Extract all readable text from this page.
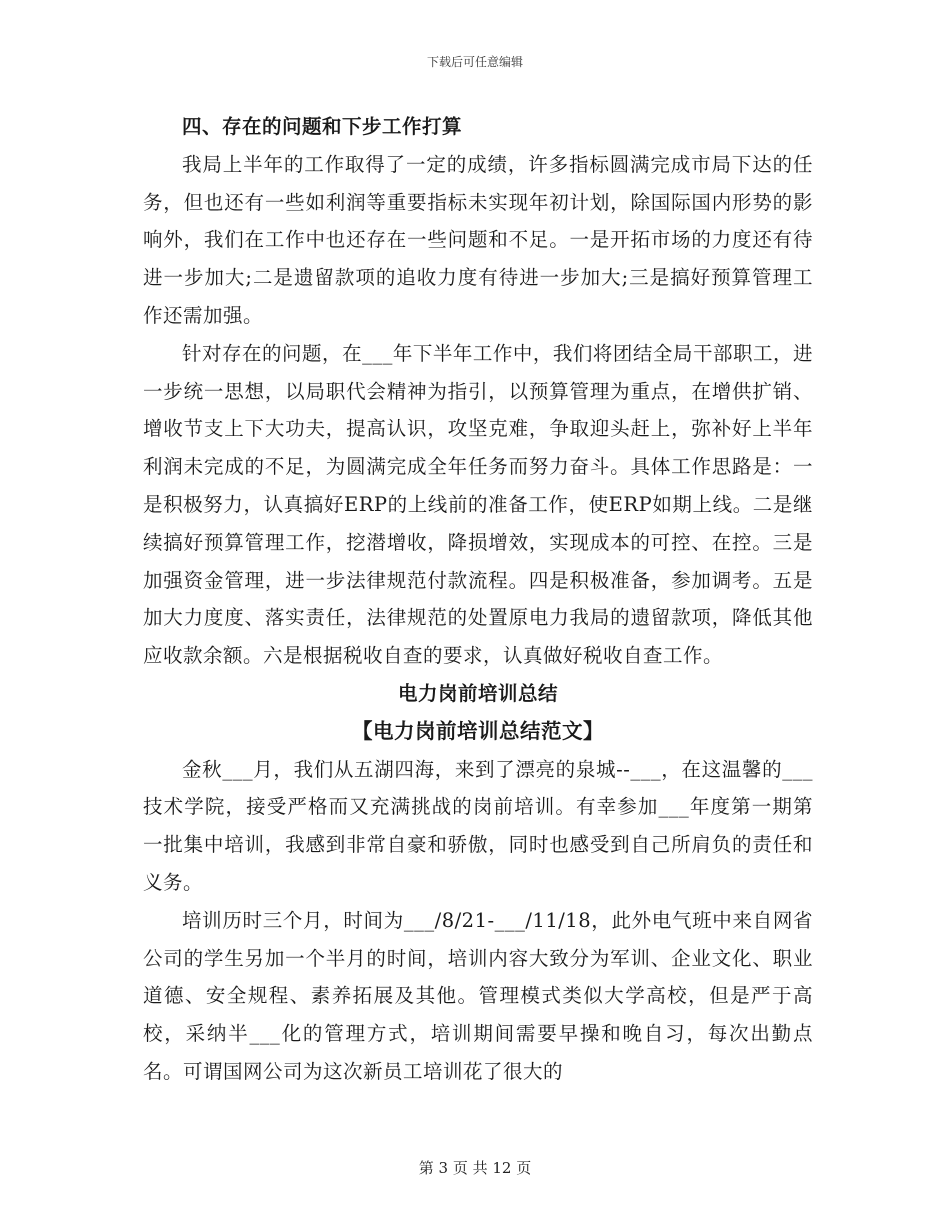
下载后可任意编辑

四、存在的问题和下步工作打算

我局上半年的工作取得了一定的成绩，许多指标圆满完成市局下达的任务，但也还有一些如利润等重要指标未实现年初计划，除国际国内形势的影响外，我们在工作中也还存在一些问题和不足。一是开拓市场的力度还有待进一步加大;二是遗留款项的追收力度有待进一步加大;三是搞好预算管理工作还需加强。

针对存在的问题，在___年下半年工作中，我们将团结全局干部职工，进一步统一思想，以局职代会精神为指引，以预算管理为重点，在增供扩销、增收节支上下大功夫，提高认识，攻坚克难，争取迎头赶上，弥补好上半年利润未完成的不足，为圆满完成全年任务而努力奋斗。具体工作思路是：一是积极努力，认真搞好ERP的上线前的准备工作，使ERP如期上线。二是继续搞好预算管理工作，挖潜增收，降损增效，实现成本的可控、在控。三是加强资金管理，进一步法律规范付款流程。四是积极准备，参加调考。五是加大力度度、落实责任，法律规范的处置原电力我局的遗留款项，降低其他应收款余额。六是根据税收自查的要求，认真做好税收自查工作。

电力岗前培训总结

【电力岗前培训总结范文】

金秋___月，我们从五湖四海，来到了漂亮的泉城--___，在这温馨的___技术学院，接受严格而又充满挑战的岗前培训。有幸参加___年度第一期第一批集中培训，我感到非常自豪和骄傲，同时也感受到自己所肩负的责任和义务。

培训历时三个月，时间为___/8/21-___/11/18，此外电气班中来自网省公司的学生另加一个半月的时间，培训内容大致分为军训、企业文化、职业道德、安全规程、素养拓展及其他。管理模式类似大学高校，但是严于高校，采纳半___化的管理方式，培训期间需要早操和晚自习，每次出勤点名。可谓国网公司为这次新员工培训花了很大的

第 3 页 共 12 页
